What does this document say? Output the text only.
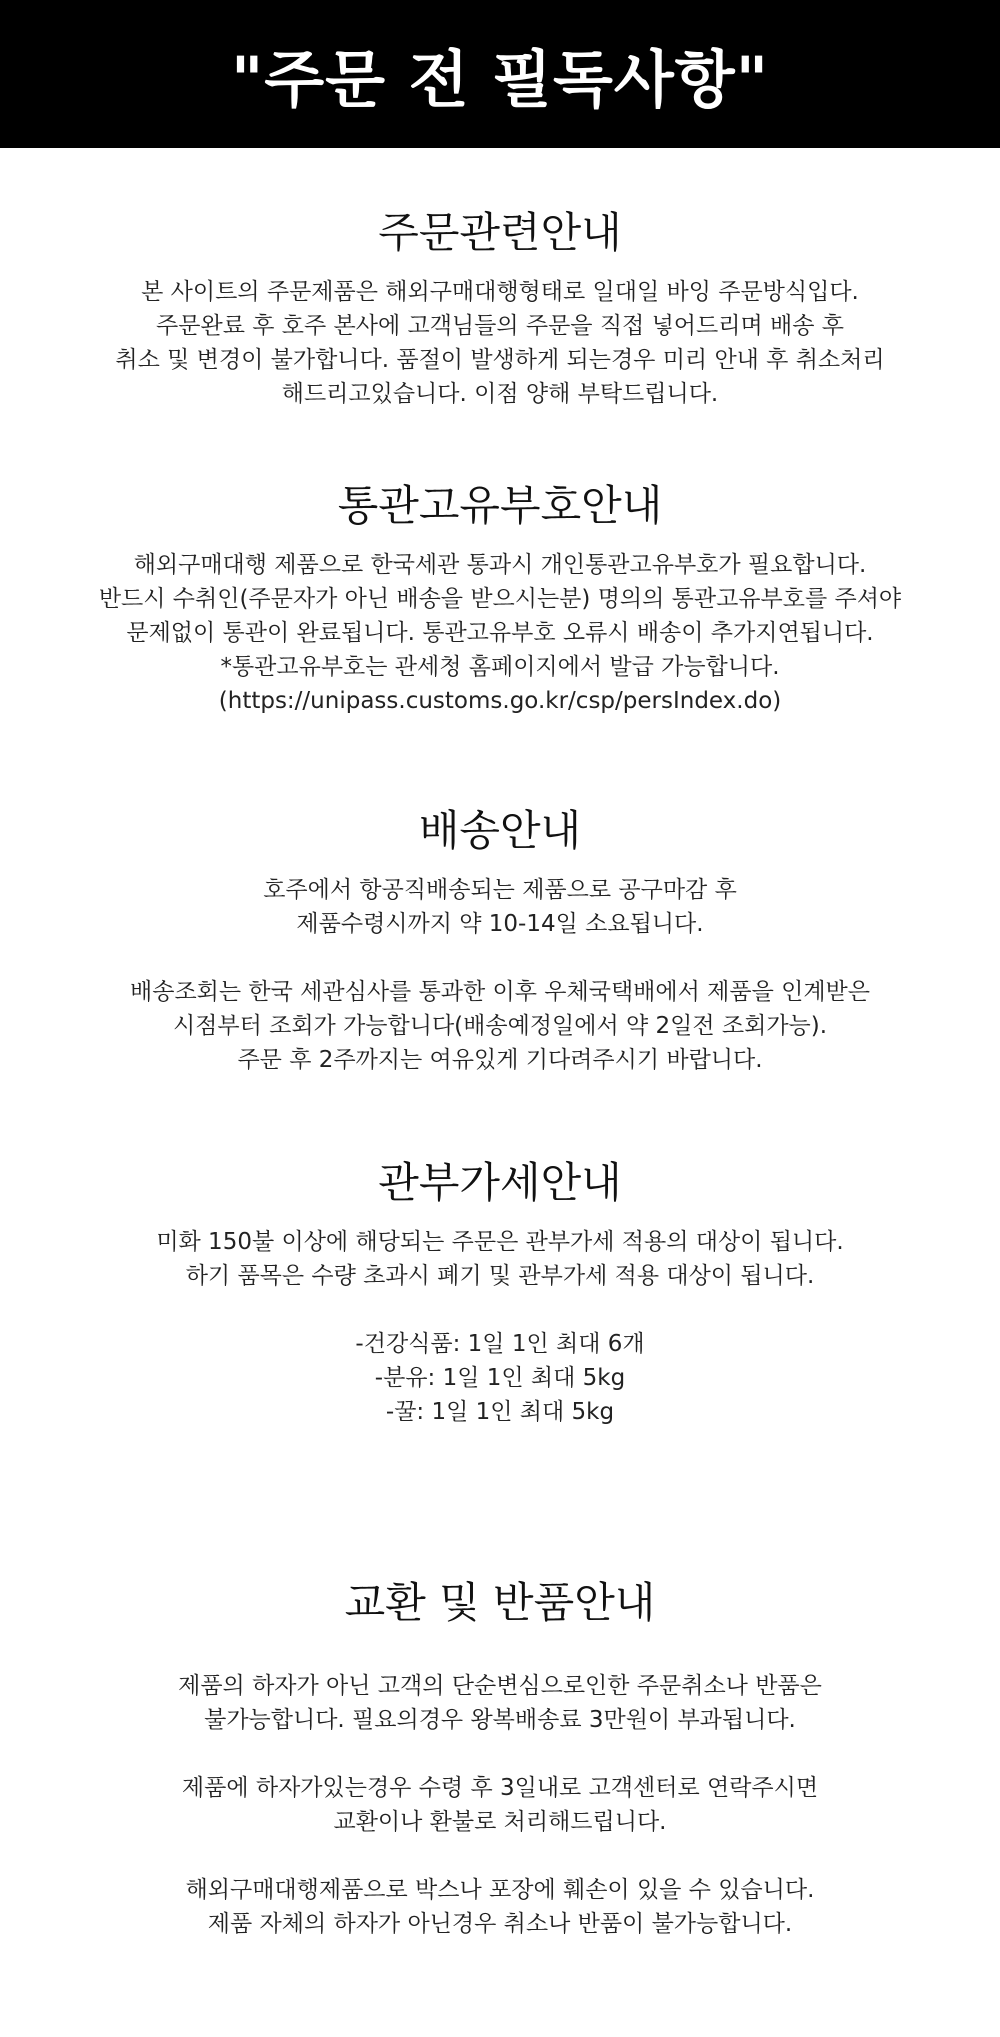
"주문 전 필독사항"
주문관련안내

본 사이트의 주문제품은 해외구매대행형태로 일대일 바잉 주문방식입다.

주문완료 후 호주 본사에 고객님들의 주문을 직접 넣어드리며 배송 후

취소 및 변경이 불가합니다. 품절이 발생하게 되는경우 미리 안내 후 취소처리

해드리고있습니다. 이점 양해 부탁드립니다.

통관고유부호안내

해외구매대행 제품으로 한국세관 통과시 개인통관고유부호가 필요합니다.

반드시 수취인(주문자가 아닌 배송을 받으시는분) 명의의 통관고유부호를 주셔야

문제없이 통관이 완료됩니다. 통관고유부호 오류시 배송이 추가지연됩니다.

*통관고유부호는 관세청 홈페이지에서 발급 가능합니다.

(https://unipass.customs.go.kr/csp/persIndex.do)

배송안내

호주에서 항공직배송되는 제품으로 공구마감 후

제품수령시까지 약 10-14일 소요됩니다.

배송조회는 한국 세관심사를 통과한 이후 우체국택배에서 제품을 인계받은

시점부터 조회가 가능합니다(배송예정일에서 약 2일전 조회가능).

주문 후 2주까지는 여유있게 기다려주시기 바랍니다.

관부가세안내

미화 150불 이상에 해당되는 주문은 관부가세 적용의 대상이 됩니다.

하기 품목은 수량 초과시 폐기 및 관부가세 적용 대상이 됩니다.

-건강식품: 1일 1인 최대 6개

-분유: 1일 1인 최대 5kg

-꿀: 1일 1인 최대 5kg

교환 및 반품안내

제품의 하자가 아닌 고객의 단순변심으로인한 주문취소나 반품은

불가능합니다. 필요의경우 왕복배송료 3만원이 부과됩니다.

제품에 하자가있는경우 수령 후 3일내로 고객센터로 연락주시면

교환이나 환불로 처리해드립니다.

해외구매대행제품으로 박스나 포장에 훼손이 있을 수 있습니다.

제품 자체의 하자가 아닌경우 취소나 반품이 불가능합니다.
